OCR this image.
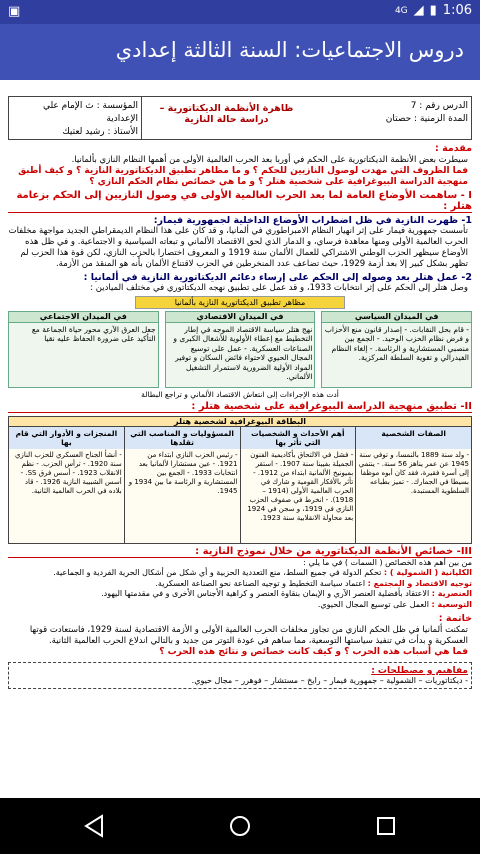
▣	4G ◢ ▮ 1:06
دروس الاجتماعيات: السنة الثالثة إعدادي
الدرس رقم : 7
المدة الزمنية : حصتان
ظاهرة الأنظمة الديكتاتورية – دراسة حالة النازية
المؤسسة : ث الإمام علي الإعدادية
الأستاذ : رشيد لعتيك
مقدمة :
سيطرت بعض الأنظمة الديكتاتورية على الحكم في أوربا بعد الحرب العالمية الأولى من أهمها النظام النازي بألمانيا.
فما الظروف التي مهدت لوصول النازيين للحكم ؟ و ما مظاهر تطبيق الديكتاتورية النازية ؟ و كيف أطبق منهجية الدراسة البيوغرافية على شخصية هتلر ؟ و ما هي خصائص نظام الحكم النازي ؟
I - ساهمت الأوضاع العامة لما بعد الحرب العالمية الأولى في وصول النازيين إلى الحكم بزعامة هتلر :
1- ظهرت النازية في ظل اضطراب الأوضاع الداخلية لجمهورية فيمار:
تأسست جمهورية فيمار على إثر انهيار النظام الامبراطوري في ألمانيا، و قد كان على هذا النظام الديمقراطي الجديد مواجهة مخلفات الحرب العالمية الأولى ومنها معاهدة فرساي، و الدمار الذي لحق الاقتصاد الألماني و تبعاته السياسية و الاجتماعية. و في ظل هذه الأوضاع سيظهر الحزب الوطني الاشتراكي للعمال الألمان سنة 1919 و المعروف اختصارا بالحزب النازي، لكن قوة هذا الحزب لم تظهر بشكل كبير إلا بعد أزمة 1929، حيث تضاعف عدد المنخرطين في الحزب لاقتناع الألمان بأنه هو المنقذ من الأزمة.
2- عمل هتلر بعد وصوله إلى الحكم على إرساء دعائم الديكتاتورية النازية في ألمانيا :
وصل هتلر إلى الحكم على إثر انتخابات 1933، و قد عمل على تطبيق نهجه الديكتاتوري في مختلف الميادين :
مظاهر تطبيق الديكتاتورية النازية بألمانيا
في الميدان السياسي
- قام بحل النقابات. - إصدار قانون منع الأحزاب و فرض نظام الحزب الوحيد. - الجمع بين منصبي المستشارية و الرئاسة. - إلغاء النظام الفيدرالي و تقوية السلطة المركزية.
في الميدان الاقتصادي
نهج هتلر سياسة الاقتصاد الموجه في إطار التخطيط مع إعطاء الأولوية للأشغال الكبرى و الصناعات العسكرية. - عمل على توسيع المجال الحيوي لاحتواء فائض السكان و توفير المواد الأولية الضرورية لاستمرار التشغيل الألماني.
في الميدان الاجتماعي
جعل العرق الآري محور حياة الجماعة مع التأكيد على ضرورة الحفاظ عليه نقيا
أدت هذه الإجراءات إلى انتعاش الاقتصاد الألماني و تراجع البطالة
II- تطبيق منهجية الدراسة البيوغرافية على شخصية هتلر :
البطاقة البيوغرافية لشخصية هتلر
الصفات الشخصية
أهم الأحداث و الشخصيات التي تأثر بها
المسؤوليات و المناصب التي تقلدها
المنجزات و الأدوار التي قام بها
- ولد سنة 1889 بالنمسا، و توفي سنة 1945 عن عمر يناهز 56 سنة. - ينتمي إلى أسرة فقيرة، فقد كان أبوه موظفا بسيطا في الجمارك. - تميز بطباعه السلطوية المستبدة.
- فشل في الالتحاق بأكاديمية الفنون الجميلة بفيينا سنة 1907. - استقر بميونيخ الألمانية ابتداء من 1912. - تأثر بالأفكار القومية و شارك في الحرب العالمية الأولى (1914 – 1918). - انخرط في صفوف الحزب النازي في 1919، و سجن في 1924 بعد محاولة الانقلابية سنة 1923.
- رئيس الحزب النازي ابتداء من 1921. - عين مستشارا لألمانيا بعد انتخابات 1933. - الجمع بين المستشارية و الرئاسة ما بين 1934 و 1945.
- أنشأ الجناح العسكري للحزب النازي سنة 1920. - ترأس الحزب. - نظم الانقلاب 1923. - أسس فرق SS. - أسس الشبيبة النازية 1926. - قاد بلاده في الحرب العالمية الثانية.
III- خصائص الأنظمة الديكتاتورية من خلال نموذج النازية :
من بين أهم هذه الخصائص ( السمات ) في ما يلي :
الكليانية ( الشمولية ) : تحكم الدولة في جميع السلط، منع التعددية الحزبية و أي شكل من أشكال الحرية الفردية و الجماعية.
توجيه الاقتصاد و المجتمع : اعتماد سياسة التخطيط و توجيه الصناعة نحو الصناعة العسكرية.
العنصرية : الاعتقاد بأفضلية العنصر الآري و الإيمان بنقاوة العنصر و كراهية الأجناس الأخرى و في مقدمتها اليهود.
التوسعية : العمل على توسيع المجال الحيوي.
خاتمة :
تمكنت ألمانيا في ظل الحكم النازي من تجاوز مخلفات الحرب العالمية الأولى و الأزمة الاقتصادية لسنة 1929، فاستعادت قوتها العسكرية و بدأت في تنفيذ سياستها التوسعية، مما ساهم في عودة التوتر من جديد و بالتالي اندلاع الحرب العالمية الثانية.
فما هي أسباب هذه الحرب ؟ و كيف كانت خصائص و نتائج هذه الحرب ؟
مفاهيم و مصطلحات :
- ديكتاتوريات – الشمولية – جمهورية فيمار – رايخ – مستشار – فوهرر – مجال حيوي.
